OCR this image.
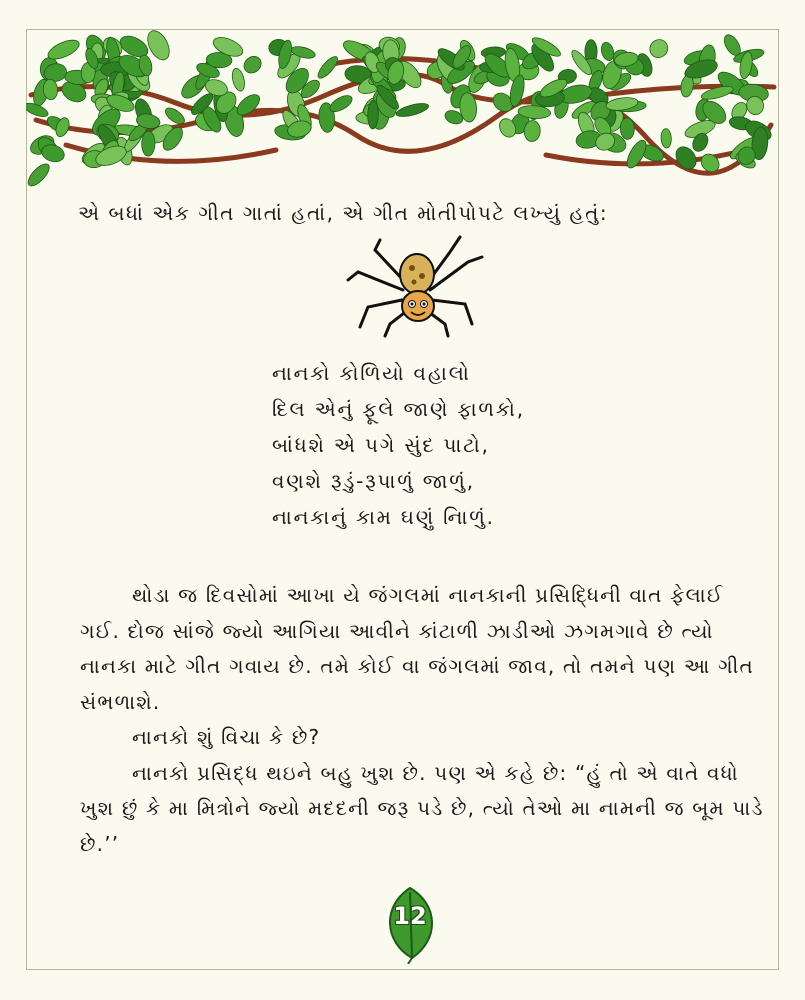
એ બધાં એક ગીત ગાતાં હતાં, એ ગીત મોતીપોપટે લખ્યું હતું:

નાનકો કોળિયો વહાલો
દિલ એનું ફૂલે જાણે ફાળકો,
બાંધશે એ પગે સુંદ પાટો,
વણશે રૂડું-રૂપાળું જાળું,
નાનકાનું કામ ઘણું નિાળું.

થોડા જ દિવસોમાં આખા યે જંગલમાં નાનકાની પ્રસિદ્ધિની વાત ફેલાઈ ગઈ. દોજ સાંજે જ્યો આગિયા આવીને કાંટાળી ઝાડીઓ ઝગમગાવે છે ત્યો નાનકા માટે ગીત ગવાય છે. તમે કોઈ વા જંગલમાં જાવ, તો તમને પણ આ ગીત સંભળાશે.

નાનકો શું વિચા કે છે?

નાનકો પ્રસિદ્ધ થઇને બહુ ખુશ છે. પણ એ કહે છે: “હું તો એ વાતે વધો ખુશ છું કે મા મિત્રોને જ્યો મદદની જરૂ પડે છે, ત્યો તેઓ મા નામની જ બૂમ પાડે છે.’’

12
